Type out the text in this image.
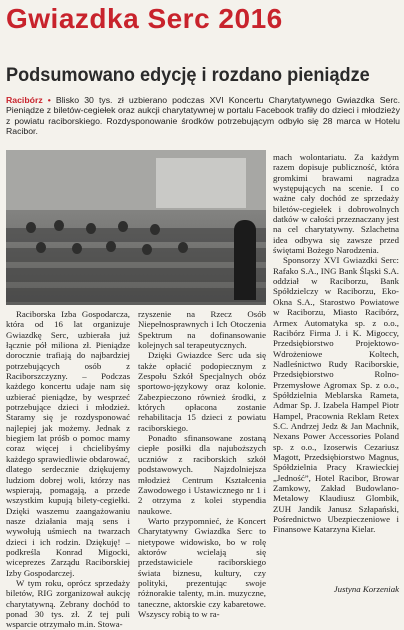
Gwiazdka Serc 2016
Podsumowano edycję i rozdano pieniądze
Racibórz • Blisko 30 tys. zł uzbierano podczas XVI Koncertu Charytatywnego Gwiazdka Serc. Pieniądze z biletów-cegiełek oraz aukcji charytatywnej w portalu Facebook trafiły do dzieci i młodzieży z powiatu raciborskiego. Rozdysponowanie środków potrzebującym odbyło się 28 marca w Hotelu Racibor.

Raciborska Izba Gospodarcza, która od 16 lat organizuje Gwiazdkę Serc, uzbierała już łącznie pół miliona zł. Pieniądze dorocznie trafiają do najbardziej potrzebujących osób z Raciborszczyzny. – Podczas każdego koncertu udaje nam się uzbierać pieniądze, by wesprzeć potrzebujące dzieci i młodzież. Staramy się je rozdysponować najlepiej jak możemy. Jednak z biegiem lat próśb o pomoc mamy coraz więcej i chcielibyśmy każdego sprawiedliwie obdarować, dlatego serdecznie dziękujemy ludziom dobrej woli, którzy nas wspierają, pomagają, a przede wszystkim kupują bilety-cegiełki. Dzięki waszemu zaangażowaniu nasze działania mają sens i wywołują uśmiech na twarzach dzieci i ich rodzin. Dziękuję! – podkreśla Konrad Migocki, wiceprezes Zarządu Raciborskiej Izby Gospodarczej.

W tym roku, oprócz sprzedaży biletów, RIG zorganizował aukcję charytatywną. Zebrany dochód to ponad 30 tys. zł. Z tej puli wsparcie otrzymało m.in. Stowa-

rzyszenie na Rzecz Osób Niepełnosprawnych i Ich Otoczenia Spektrum na dofinansowanie kolejnych sal terapeutycznych.

Dzięki Gwiazdce Serc uda się także opłacić podopiecznym z Zespołu Szkół Specjalnych obóz sportowo-językowy oraz kolonie. Zabezpieczono również środki, z których opłacona zostanie rehabilitacja 15 dzieci z powiatu raciborskiego.

Ponadto sfinansowane zostaną ciepłe posiłki dla najuboższych uczniów z raciborskich szkół podstawowych. Najzdolniejsza młodzież Centrum Kształcenia Zawodowego i Ustawicznego nr 1 i 2 otrzyma z kolei stypendia naukowe.

Warto przypomnieć, że Koncert Charytatywny Gwiazdka Serc to nietypowe widowisko, bo w rolę aktorów wcielają się przedstawiciele raciborskiego świata biznesu, kultury, czy polityki, prezentując swoje różnorakie talenty, m.in. muzyczne, taneczne, aktorskie czy kabaretowe. Wszyscy robią to w ra-

mach wolontariatu. Za każdym razem dopisuje publiczność, która gromkimi brawami nagradza występujących na scenie. I co ważne cały dochód ze sprzedaży biletów-cegiełek i dobrowolnych datków w całości przeznaczany jest na cel charytatywny. Szlachetna idea odbywa się zawsze przed świętami Bożego Narodzenia.

Sponsorzy XVI Gwiazdki Serc: Rafako S.A., ING Bank Śląski S.A. oddział w Raciborzu, Bank Spółdzielczy w Raciborzu, Eko-Okna S.A., Starostwo Powiatowe w Raciborzu, Miasto Racibórz, Armex Automatyka sp. z o.o., Racibórz Firma J. i K. Migoccy, Przedsiębiorstwo Projektowo-Wdrożeniowe Koltech, Nadleśnictwo Rudy Raciborskie, Przedsiębiorstwo Rolno-Przemysłowe Agromax Sp. z o.o., Spółdzielnia Meblarska Rameta, Admar Sp. J. Izabela Hampel Piotr Hampel, Pracownia Reklam Retex S.C. Andrzej Jedz & Jan Machnik, Nexans Power Accessories Poland sp. z o.o., Izoserwis Cezariusz Magott, Przedsiębiorstwo Magnus, Spółdzielnia Pracy Krawieckiej „Jedność”, Hotel Racibor, Browar Zamkowy, Zakład Budowlano-Metalowy Klaudiusz Glombik, ZUH Jandik Janusz Szłapański, Pośrednictwo Ubezpieczeniowe i Finansowe Katarzyna Kielar.

Justyna Korzeniak
